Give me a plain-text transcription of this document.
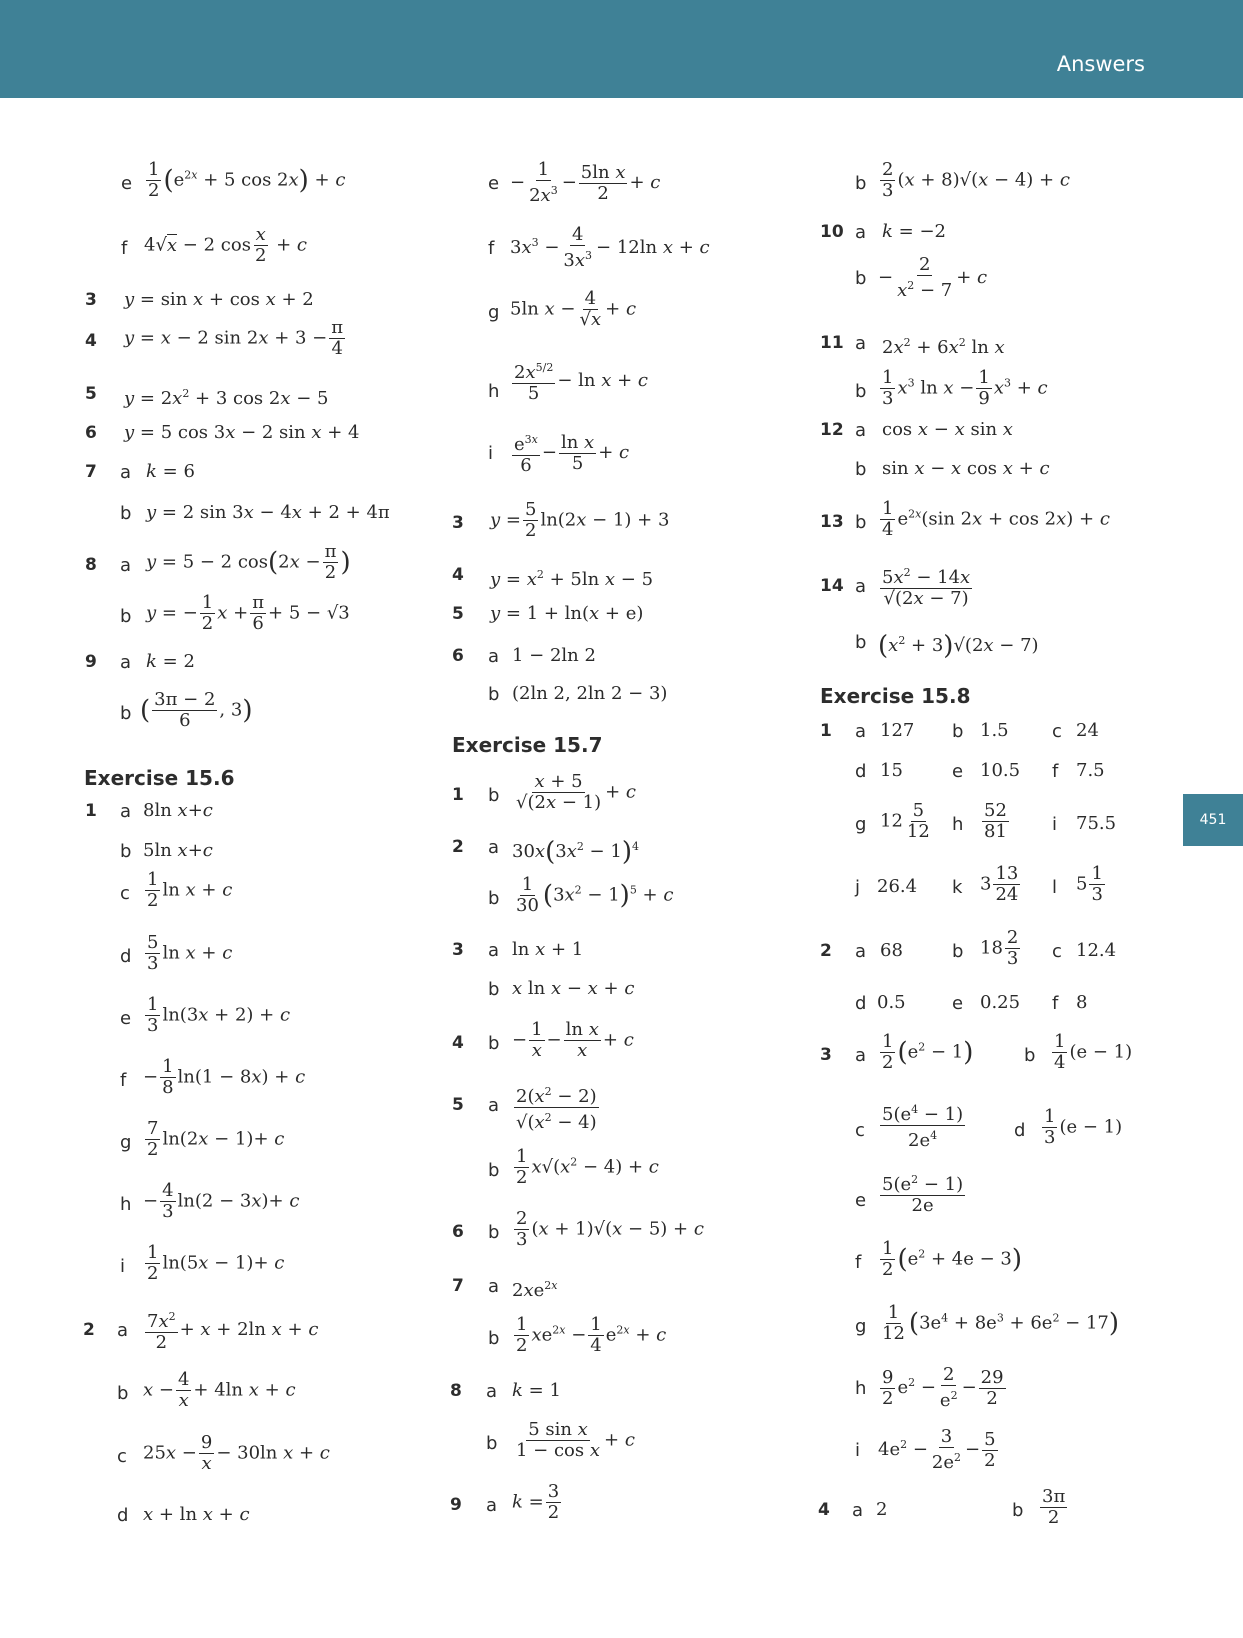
Answers
451
e $\frac{1}{2} (e^{2x} + 5$ cos 2x) + c
f 4√x − 2 $\cos \frac{x}{2} + c$
3 y = sin x + cos x + 2
4 y = x − 2 $\sin 2x + 3 - \frac{\pi}{4}$
5 $y = 2x^2 + 3$ cos 2x − 5
6 y = 5 cos 3x − 2 sin x + 4
7 a k = 6
b y = 2 sin 3x − 4x + 2 + 4π
8 a y = 5 − 2 $\cos(2x - \frac{\pi}{2}$ )
b y = − $\frac{1}{2}$ $x + \frac{\pi}{6} + 5 - √3$
9 a k = 2
b ( $\frac{3\pi - 2}{6}$ , 3)
Exercise 15.6
1 a 8ln x+c
b 5ln x+c
c $\frac{1}{2}$ ln x + c
d $\frac{5}{3}$ ln x + c
e $\frac{1}{3} \ln(3x + 2) + c$
$f - \frac{1}{8} \ln(1 - 8x) + c$
g $\frac{7}{2} \ln(2x - 1)+ c$
$h - \frac{4}{3} \ln(2 - 3x)+ c$
i $\frac{1}{2} \ln(5x - 1)+ c$
2 a $\frac{7x^2}{2} + x + 2\ln$ x + c
b $x - \frac{4}{x} + 4\ln$ x + c
c $25x - \frac{9}{x} - 30\ln$ x + c
d x + ln x + c
$e - \frac{1}{2x^3} - \frac{\text{5ln x}}{2} + c$
f $3x^3 - \frac{4}{3x^3} - 12\ln$ x + c
g 5ln $x - \frac{4}{√x} + c$
h $\frac{2x^{5/2}}{5} - \ln x + c$
i $\frac{e^{3x}}{6} - \frac{\text{ln x}}{5} + c$
3 $y = \frac{5}{2} \ln(2x - 1) + 3$
4 $y = x^2 + 5\ln$ x − 5
5 y = 1 + ln(x + e)
6 a 1 − 2ln 2
b (2ln 2, 2ln 2 − 3)
Exercise 15.7
1 b $\frac{x + 5}{√(2x - 1)} + c$
2 a $30x(3x^2 - 1)^4$
b $\frac{1}{30} (3x^2 - 1)^5 + c$
3 a ln x + 1
b x ln x − x + c
4 $b - \frac{1}{x} - \frac{\text{ln x}}{x} + c$
5 a $\frac{2(x^2 - 2)}{√(x^2 - 4)}$
b $\frac{1}{2} x√(x^2 - 4) + c$
6 b $\frac{2}{3} (x + 1)√(x - 5) + c$
7 a $2xe^{2x}$
b $\frac{1}{2} xe^{2x} - \frac{1}{4} e^{2x} + c$
8 a k = 1
b $\frac{\text{5 sin x}}{\text{1 − cos x}} + c$
9 a $k = \frac{3}{2}$
b $\frac{2}{3} (x + 8)√(x - 4) + c$
10 a k = −2
$b - \frac{2}{x^2 - 7} + c$
11 a $2x^2 + 6x^2$ ln x
b $\frac{1}{3} x^3$ $\ln x - \frac{1}{9} x^3 + c$
12 a cos x − x sin x
b sin x − x cos x + c
13 b $\frac{1}{4} e^{2x}(\sin$ 2x + cos 2x) + c
14 a $\frac{5x^2 - 14x}{√(2x - 7)}$
b $(x^2 + 3)√(2x - 7)$
Exercise 15.8
1 a 127 b 1.5 c 24
d 15	e 10.5 f 7.5
g $12 \frac{5}{12}$ h $\frac{52}{81}$ i 75.5
j 26.4 k $3 \frac{13}{24}$ l $5 \frac{1}{3}$
2 a 68	b $18 \frac{2}{3}$ c 12.4
d 0.5	e 0.25 f 8
3 a $\frac{1}{2} (e^2 - 1)$	b $\frac{1}{4} (e - 1)$
c $\frac{5(e^4 - 1)}{2e^4}$	d $\frac{1}{3} (e - 1)$
e $\frac{5(e^2 - 1)}{2e}$
f $\frac{1}{2} (e^2 + 4e - 3)$
g $\frac{1}{12} (3e^4 + 8e^3 + 6e^2 - 17)$
h $\frac{9}{2} e^2 - \frac{2}{e^2} - \frac{29}{2}$
i $4e^2 - \frac{3}{2e^2} - \frac{5}{2}$
4 a 2	b $\frac{3\pi}{2}$
